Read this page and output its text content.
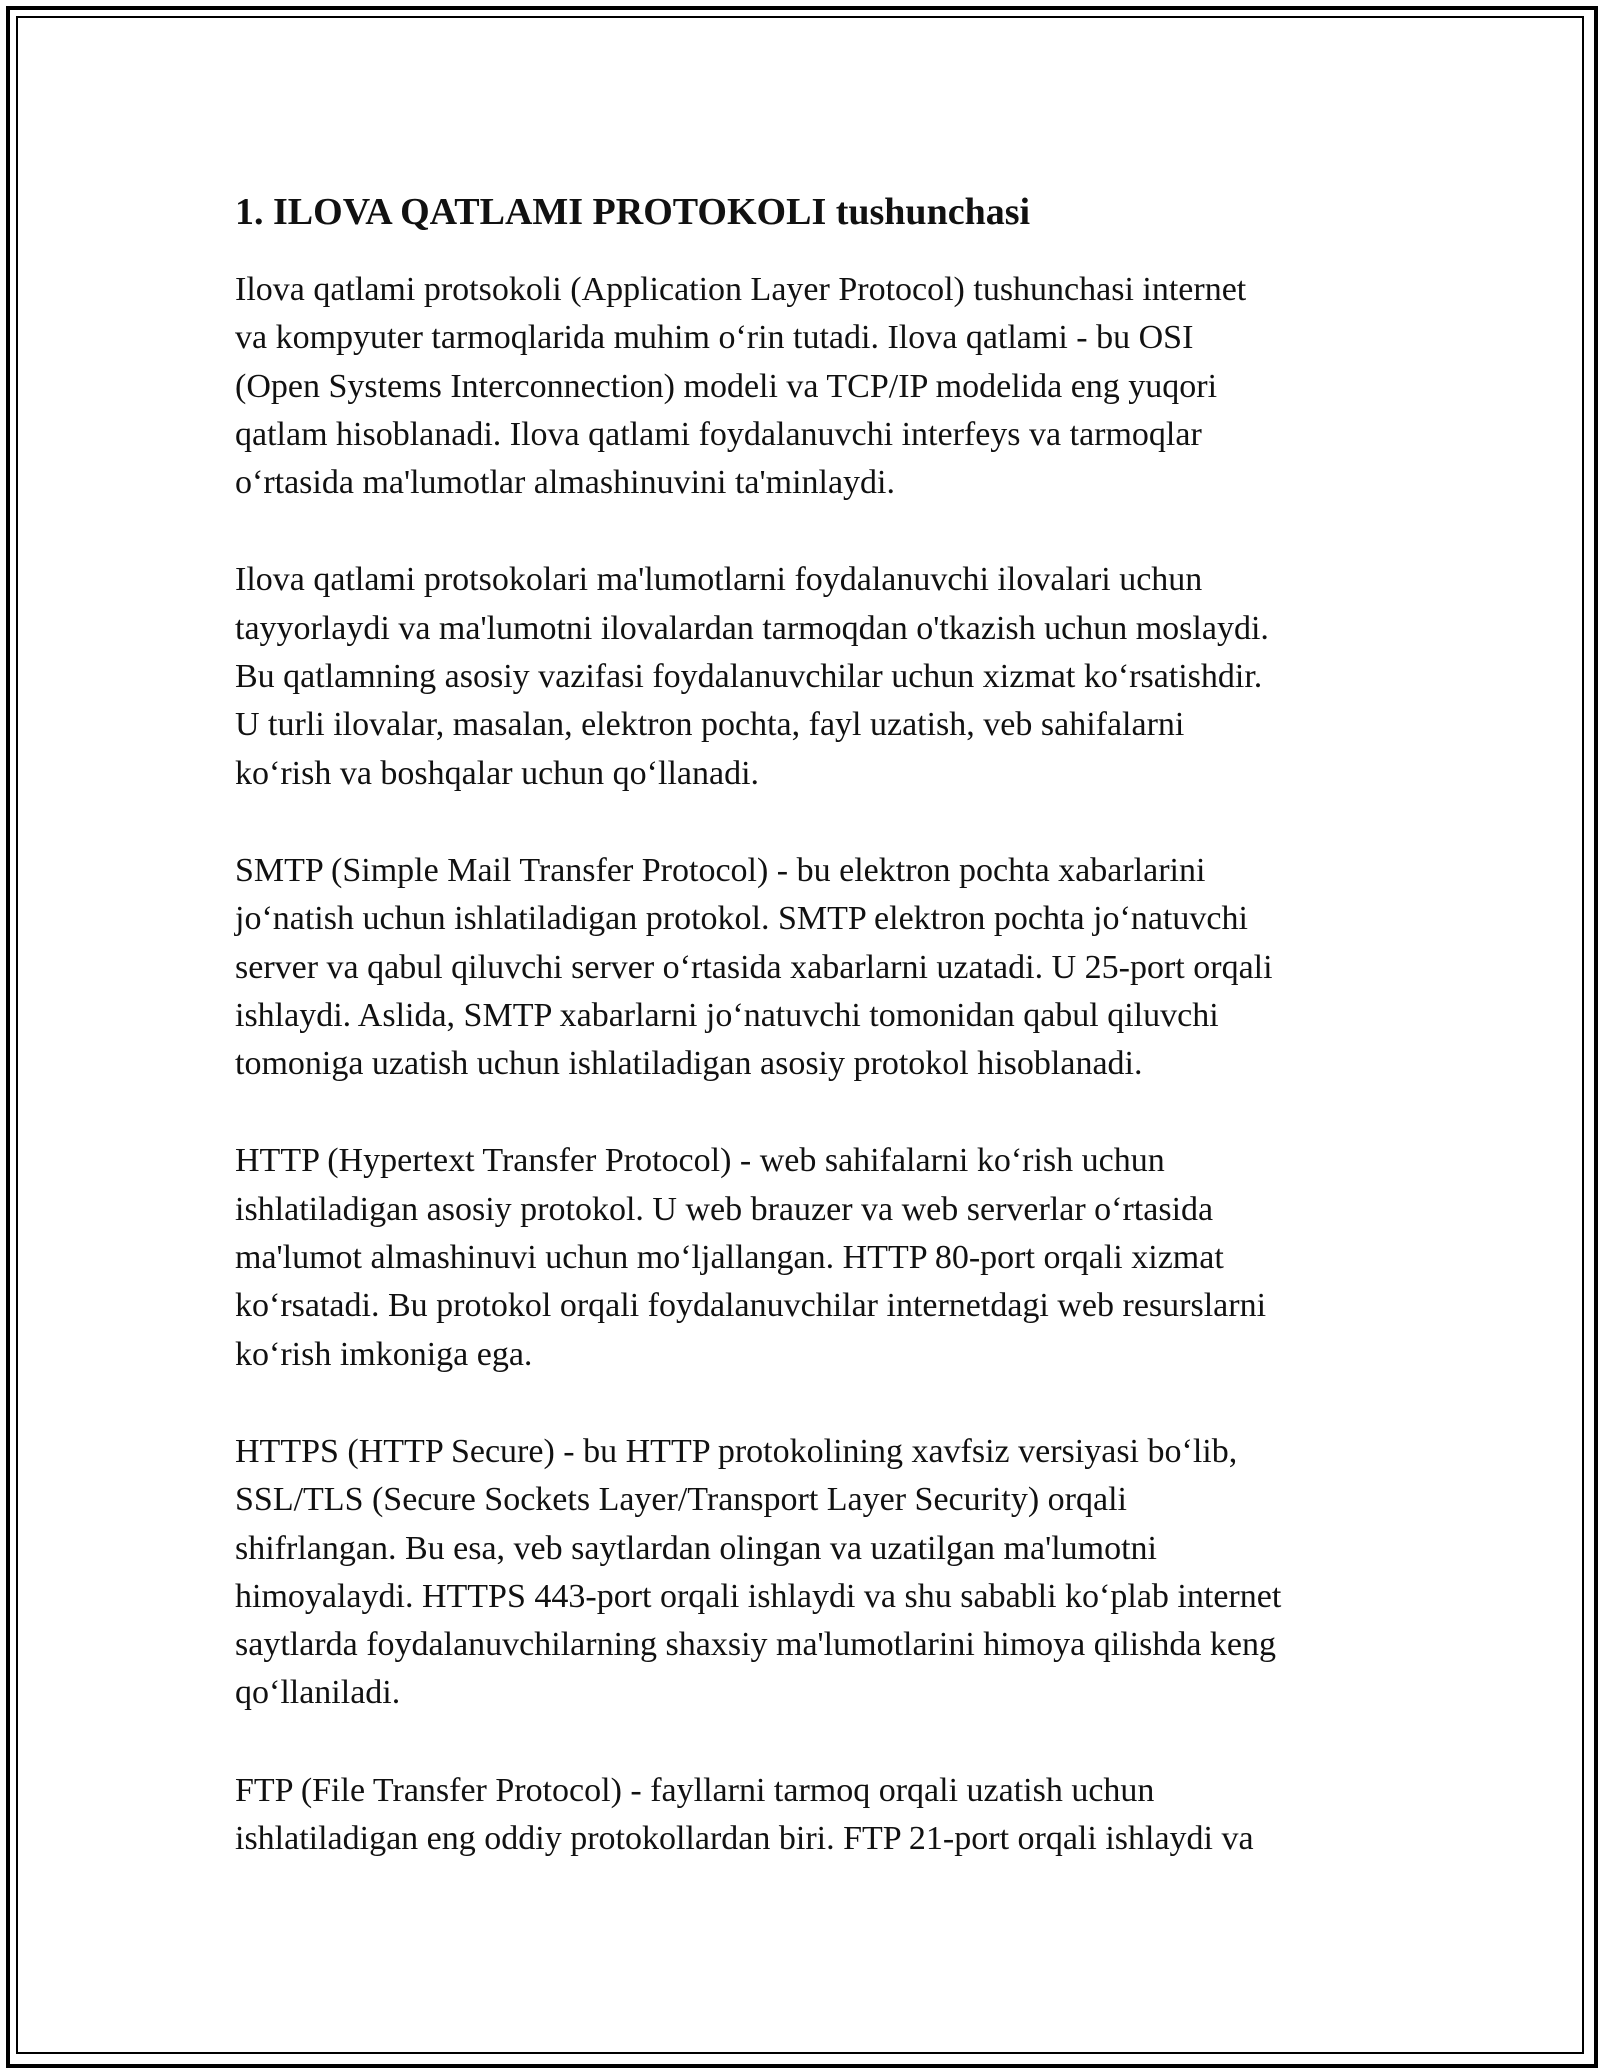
1. ILOVA QATLAMI PROTOKOLI tushunchasi

Ilova qatlami protsokoli (Application Layer Protocol) tushunchasi internet
va kompyuter tarmoqlarida muhim o‘rin tutadi. Ilova qatlami - bu OSI
(Open Systems Interconnection) modeli va TCP/IP modelida eng yuqori
qatlam hisoblanadi. Ilova qatlami foydalanuvchi interfeys va tarmoqlar
o‘rtasida ma'lumotlar almashinuvini ta'minlaydi.

Ilova qatlami protsokolari ma'lumotlarni foydalanuvchi ilovalari uchun
tayyorlaydi va ma'lumotni ilovalardan tarmoqdan o'tkazish uchun moslaydi.
Bu qatlamning asosiy vazifasi foydalanuvchilar uchun xizmat ko‘rsatishdir.
U turli ilovalar, masalan, elektron pochta, fayl uzatish, veb sahifalarni
ko‘rish va boshqalar uchun qo‘llanadi.

SMTP (Simple Mail Transfer Protocol) - bu elektron pochta xabarlarini
jo‘natish uchun ishlatiladigan protokol. SMTP elektron pochta jo‘natuvchi
server va qabul qiluvchi server o‘rtasida xabarlarni uzatadi. U 25-port orqali
ishlaydi. Aslida, SMTP xabarlarni jo‘natuvchi tomonidan qabul qiluvchi
tomoniga uzatish uchun ishlatiladigan asosiy protokol hisoblanadi.

HTTP (Hypertext Transfer Protocol) - web sahifalarni ko‘rish uchun
ishlatiladigan asosiy protokol. U web brauzer va web serverlar o‘rtasida
ma'lumot almashinuvi uchun mo‘ljallangan. HTTP 80-port orqali xizmat
ko‘rsatadi. Bu protokol orqali foydalanuvchilar internetdagi web resurslarni
ko‘rish imkoniga ega.

HTTPS (HTTP Secure) - bu HTTP protokolining xavfsiz versiyasi bo‘lib,
SSL/TLS (Secure Sockets Layer/Transport Layer Security) orqali
shifrlangan. Bu esa, veb saytlardan olingan va uzatilgan ma'lumotni
himoyalaydi. HTTPS 443-port orqali ishlaydi va shu sababli ko‘plab internet
saytlarda foydalanuvchilarning shaxsiy ma'lumotlarini himoya qilishda keng
qo‘llaniladi.

FTP (File Transfer Protocol) - fayllarni tarmoq orqali uzatish uchun
ishlatiladigan eng oddiy protokollardan biri. FTP 21-port orqali ishlaydi va
